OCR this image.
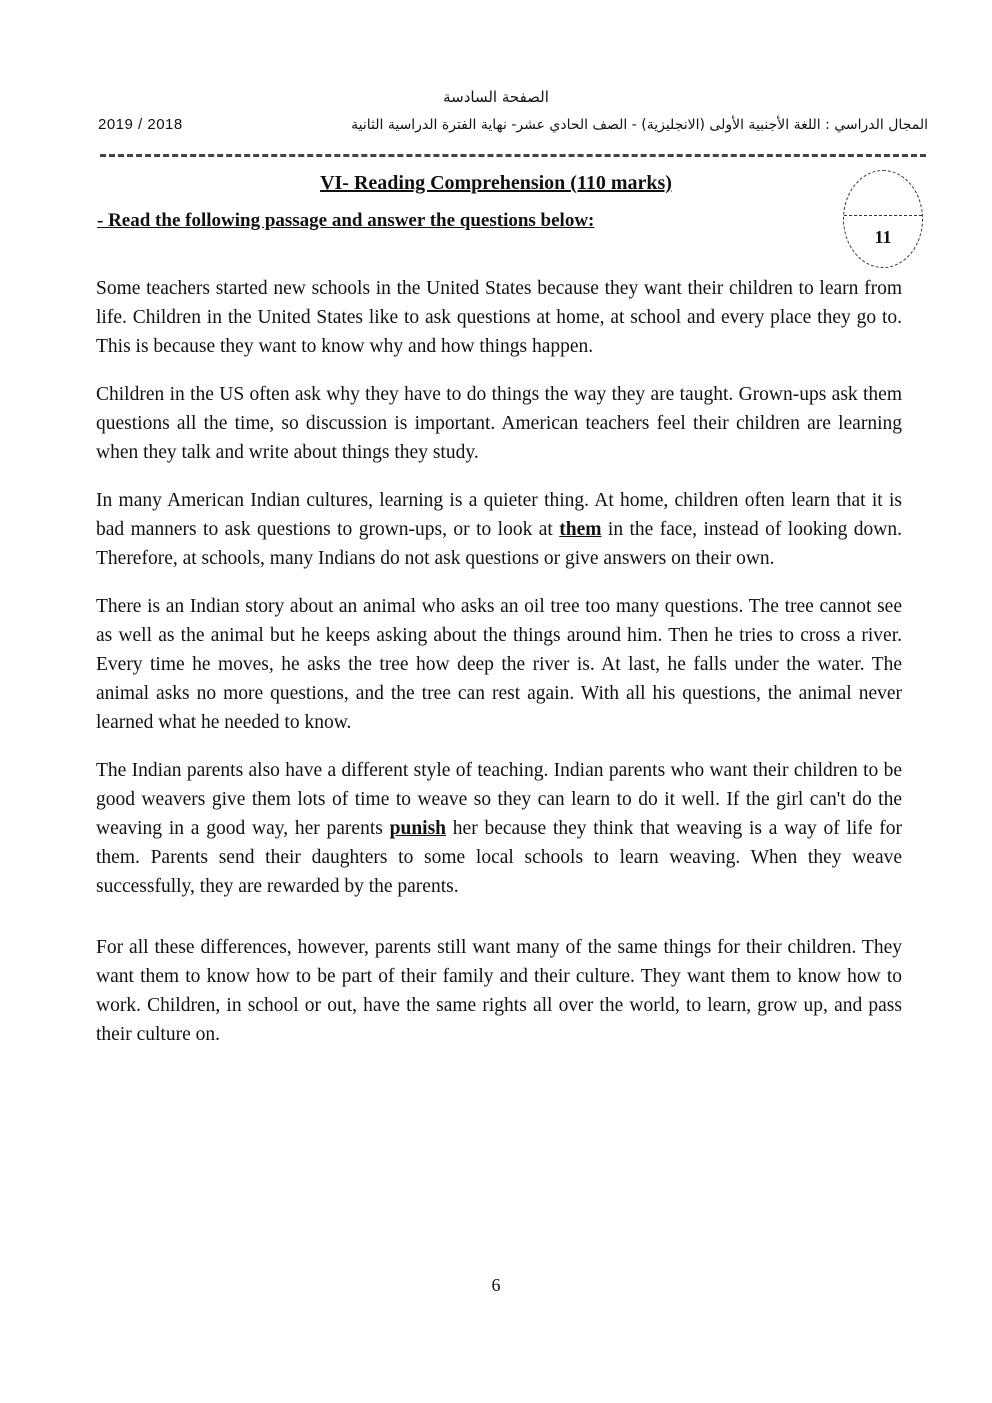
الصفحة السادسة
2019 / 2018	المجال الدراسي : اللغة الأجنبية الأولى (الانجليزية) - الصف الحادي عشر- نهاية الفترة الدراسية الثانية
VI- Reading Comprehension (110 marks)
- Read the following passage and answer the questions below:
11

Some teachers started new schools in the United States because they want their children to learn from life. Children in the United States like to ask questions at home, at school and every place they go to. This is because they want to know why and how things happen.

Children in the US often ask why they have to do things the way they are taught. Grown-ups ask them questions all the time, so discussion is important. American teachers feel their children are learning when they talk and write about things they study.

In many American Indian cultures, learning is a quieter thing. At home, children often learn that it is bad manners to ask questions to grown-ups, or to look at them in the face, instead of looking down. Therefore, at schools, many Indians do not ask questions or give answers on their own.

There is an Indian story about an animal who asks an oil tree too many questions. The tree cannot see as well as the animal but he keeps asking about the things around him. Then he tries to cross a river. Every time he moves, he asks the tree how deep the river is. At last, he falls under the water. The animal asks no more questions, and the tree can rest again. With all his questions, the animal never learned what he needed to know.

The Indian parents also have a different style of teaching. Indian parents who want their children to be good weavers give them lots of time to weave so they can learn to do it well. If the girl can't do the weaving in a good way, her parents punish her because they think that weaving is a way of life for them. Parents send their daughters to some local schools to learn weaving. When they weave successfully, they are rewarded by the parents.

For all these differences, however, parents still want many of the same things for their children. They want them to know how to be part of their family and their culture. They want them to know how to work. Children, in school or out, have the same rights all over the world, to learn, grow up, and pass their culture on.

6
